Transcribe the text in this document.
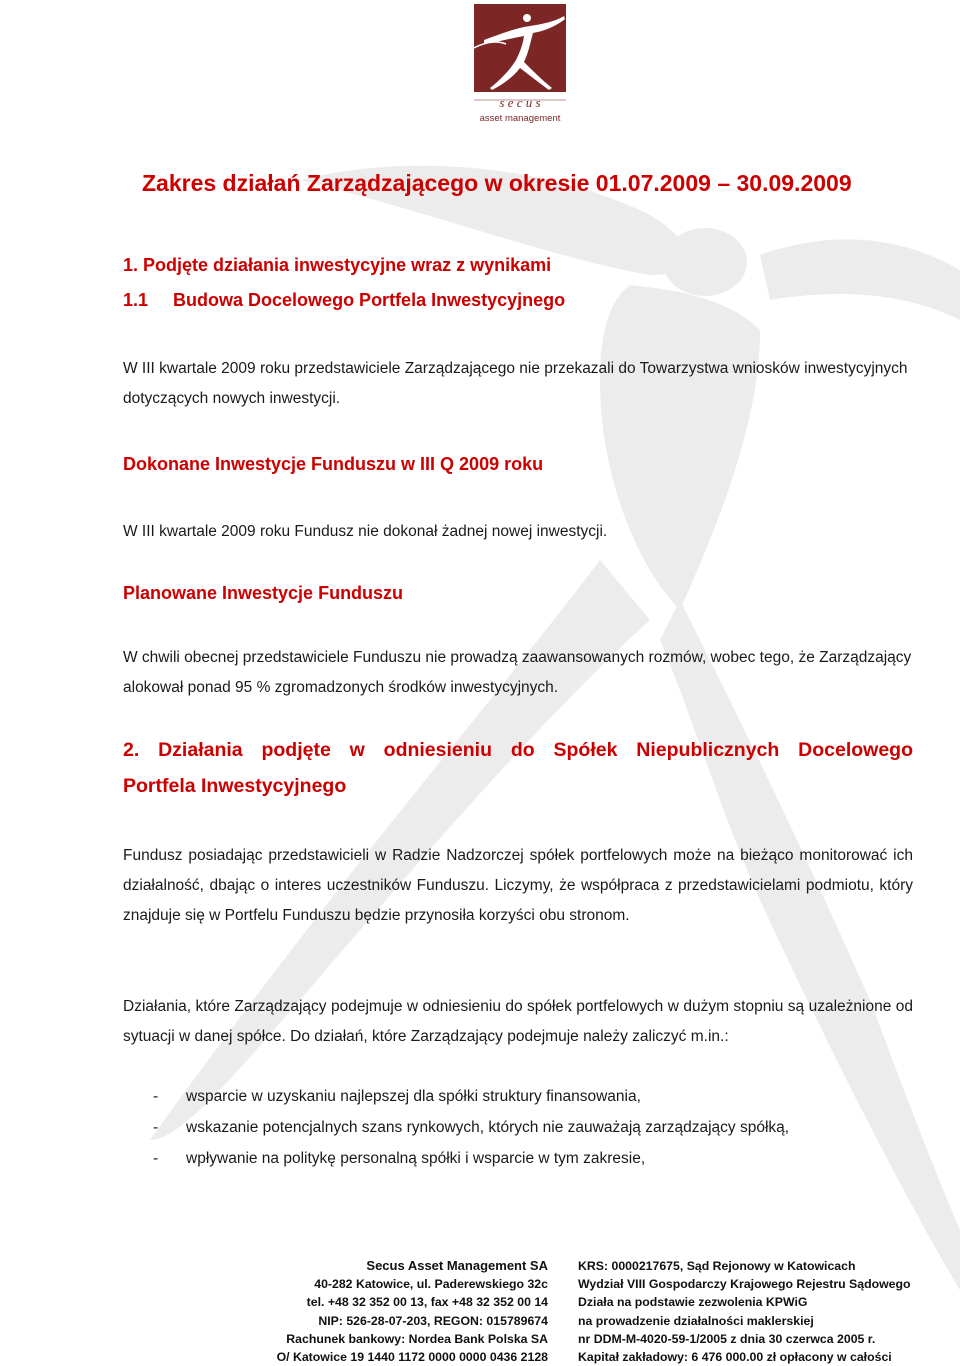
s e c u s
asset management
Zakres działań Zarządzającego w okresie 01.07.2009 – 30.09.2009
1. Podjęte działania inwestycyjne wraz z wynikami
1.1 Budowa Docelowego Portfela Inwestycyjnego

W III kwartale 2009 roku przedstawiciele Zarządzającego nie przekazali do Towarzystwa wniosków inwestycyjnych dotyczących nowych inwestycji.

Dokonane Inwestycje Funduszu w III Q 2009 roku

W III kwartale 2009 roku Fundusz nie dokonał żadnej nowej inwestycji.

Planowane Inwestycje Funduszu

W chwili obecnej przedstawiciele Funduszu nie prowadzą zaawansowanych rozmów, wobec tego, że Zarządzający alokował ponad 95 % zgromadzonych środków inwestycyjnych.

2. Działania podjęte w odniesieniu do Spółek Niepublicznych Docelowego
Portfela Inwestycyjnego

Fundusz posiadając przedstawicieli w Radzie Nadzorczej spółek portfelowych może na bieżąco monitorować ich działalność, dbając o interes uczestników Funduszu. Liczymy, że współpraca z przedstawicielami podmiotu, który znajduje się w Portfelu Funduszu będzie przynosiła korzyści obu stronom.

Działania, które Zarządzający podejmuje w odniesieniu do spółek portfelowych w dużym stopniu są uzależnione od sytuacji w danej spółce. Do działań, które Zarządzający podejmuje należy zaliczyć m.in.:

- wsparcie w uzyskaniu najlepszej dla spółki struktury finansowania,
- wskazanie potencjalnych szans rynkowych, których nie zauważają zarządzający spółką,
- wpływanie na politykę personalną spółki i wsparcie w tym zakresie,
Secus Asset Management SA
40-282 Katowice, ul. Paderewskiego 32c
tel. +48 32 352 00 13, fax +48 32 352 00 14
NIP: 526-28-07-203, REGON: 015789674
Rachunek bankowy: Nordea Bank Polska SA
O/ Katowice 19 1440 1172 0000 0000 0436 2128
KRS: 0000217675, Sąd Rejonowy w Katowicach
Wydział VIII Gospodarczy Krajowego Rejestru Sądowego
Działa na podstawie zezwolenia KPWiG
na prowadzenie działalności maklerskiej
nr DDM-M-4020-59-1/2005 z dnia 30 czerwca 2005 r.
Kapitał zakładowy: 6 476 000.00 zł opłacony w całości
